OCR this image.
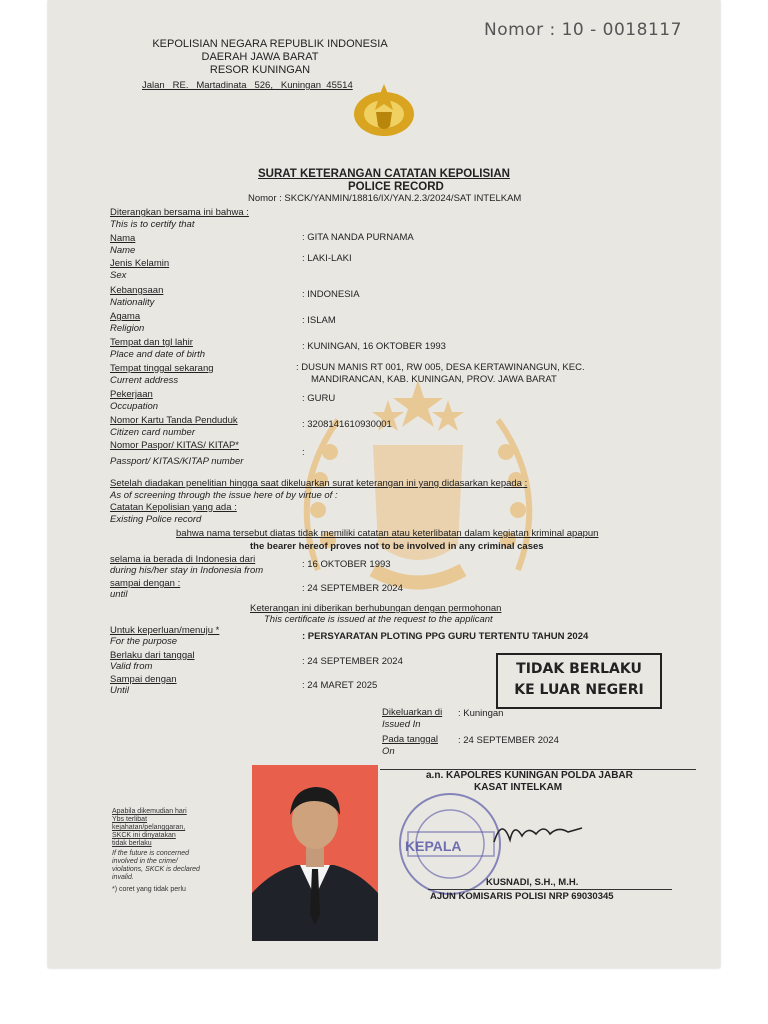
Nomor : 10 - 0018117
KEPOLISIAN NEGARA REPUBLIK INDONESIA
DAERAH JAWA BARAT
RESOR KUNINGAN
Jalan   RE.   Martadinata   526,   Kuningan  45514
SURAT KETERANGAN CATATAN KEPOLISIAN
POLICE RECORD
Nomor : SKCK/YANMIN/18816/IX/YAN.2.3/2024/SAT INTELKAM
Diterangkan bersama ini bahwa :
This is to certify that
Nama
Name
: GITA NANDA PURNAMA
Jenis Kelamin
Sex
: LAKI-LAKI
Kebangsaan
Nationality
: INDONESIA
Agama
Religion
: ISLAM
Tempat dan tgl lahir
Place and date of birth
: KUNINGAN, 16 OKTOBER 1993
Tempat tinggal sekarang
Current address
: DUSUN MANIS RT 001, RW 005, DESA KERTAWINANGUN, KEC.
MANDIRANCAN, KAB. KUNINGAN, PROV. JAWA BARAT
Pekerjaan
Occupation
: GURU
Nomor Kartu Tanda Penduduk
Citizen card number
: 3208141610930001
Nomor Paspor/ KITAS/ KITAP*
Passport/ KITAS/KITAP number
:
Setelah diadakan penelitian hingga saat dikeluarkan surat keterangan ini yang didasarkan kepada :
As of screening through the issue here of by virtue of :
Catatan Kepolisian yang ada :
Existing Police record
bahwa nama tersebut diatas tidak memiliki catatan atau keterlibatan dalam kegiatan kriminal apapun
the bearer hereof proves not to be involved in any criminal cases
selama ia berada di Indonesia dari
during his/her stay in Indonesia from
: 16 OKTOBER 1993
sampai dengan :
until
: 24 SEPTEMBER 2024
Keterangan ini diberikan berhubungan dengan permohonan
This certificate is issued at the request to the applicant
Untuk keperluan/menuju *
For the purpose	: PERSYARATAN PLOTING PPG GURU TERTENTU TAHUN 2024
Berlaku dari tanggal
Valid from	: 24 SEPTEMBER 2024
Sampai dengan
Until	: 24 MARET 2025
TIDAK BERLAKU
KE LUAR NEGERI
Dikeluarkan di
Issued In
: Kuningan
Pada tanggal
On
: 24 SEPTEMBER 2024
a.n. KAPOLRES KUNINGAN POLDA JABAR
KASAT INTELKAM
KEPALA
KUSNADI, S.H., M.H.
AJUN KOMISARIS POLISI NRP 69030345
Apabila dikemudian hari
Ybs terlibat
kejahatan/pelanggaran,
SKCK ini dinyatakan
tidak berlaku
If the future is concerned
involved in the crime/
violations, SKCK is declared
invalid.
*) coret yang tidak perlu
